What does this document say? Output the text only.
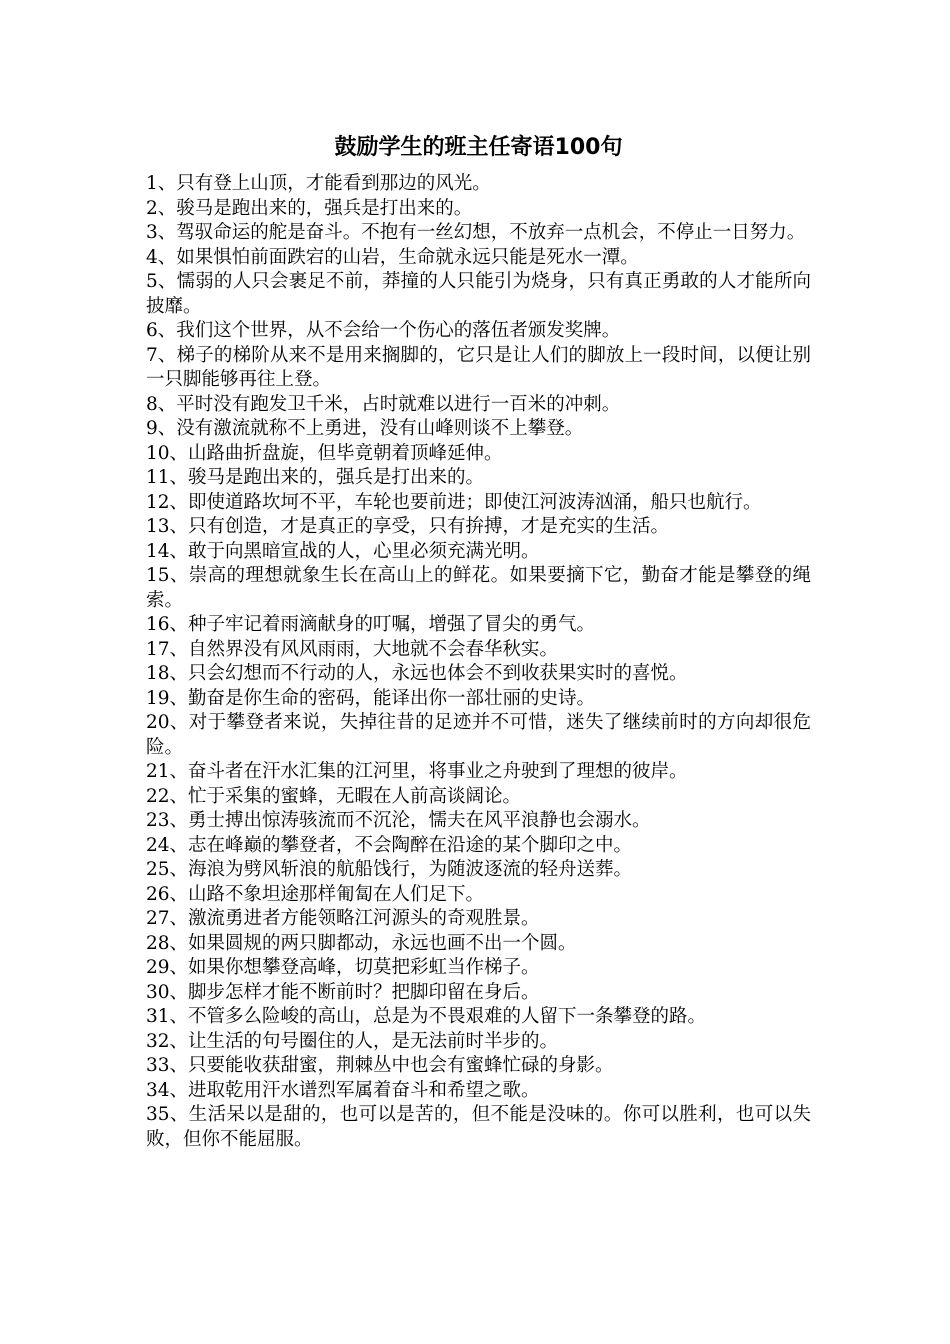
鼓励学生的班主任寄语100句
1、只有登上山顶，才能看到那边的风光。
2、骏马是跑出来的，强兵是打出来的。
3、驾驭命运的舵是奋斗。不抱有一丝幻想，不放弃一点机会，不停止一日努力。
4、如果惧怕前面跌宕的山岩，生命就永远只能是死水一潭。
5、懦弱的人只会裹足不前，莽撞的人只能引为烧身，只有真正勇敢的人才能所向披靡。
6、我们这个世界，从不会给一个伤心的落伍者颁发奖牌。
7、梯子的梯阶从来不是用来搁脚的，它只是让人们的脚放上一段时间，以便让别一只脚能够再往上登。
8、平时没有跑发卫千米，占时就难以进行一百米的冲刺。
9、没有激流就称不上勇进，没有山峰则谈不上攀登。
10、山路曲折盘旋，但毕竟朝着顶峰延伸。
11、骏马是跑出来的，强兵是打出来的。
12、即使道路坎坷不平，车轮也要前进；即使江河波涛汹涌，船只也航行。
13、只有创造，才是真正的享受，只有拚搏，才是充实的生活。
14、敢于向黑暗宣战的人，心里必须充满光明。
15、崇高的理想就象生长在高山上的鲜花。如果要摘下它，勤奋才能是攀登的绳索。
16、种子牢记着雨滴献身的叮嘱，增强了冒尖的勇气。
17、自然界没有风风雨雨，大地就不会春华秋实。
18、只会幻想而不行动的人，永远也体会不到收获果实时的喜悦。
19、勤奋是你生命的密码，能译出你一部壮丽的史诗。
20、对于攀登者来说，失掉往昔的足迹并不可惜，迷失了继续前时的方向却很危险。
21、奋斗者在汗水汇集的江河里，将事业之舟驶到了理想的彼岸。
22、忙于采集的蜜蜂，无暇在人前高谈阔论。
23、勇士搏出惊涛骇流而不沉沦，懦夫在风平浪静也会溺水。
24、志在峰巅的攀登者，不会陶醉在沿途的某个脚印之中。
25、海浪为劈风斩浪的航船饯行，为随波逐流的轻舟送葬。
26、山路不象坦途那样匍匐在人们足下。
27、激流勇进者方能领略江河源头的奇观胜景。
28、如果圆规的两只脚都动，永远也画不出一个圆。
29、如果你想攀登高峰，切莫把彩虹当作梯子。
30、脚步怎样才能不断前时？把脚印留在身后。
31、不管多么险峻的高山，总是为不畏艰难的人留下一条攀登的路。
32、让生活的句号圈住的人，是无法前时半步的。
33、只要能收获甜蜜，荆棘丛中也会有蜜蜂忙碌的身影。
34、进取乾用汗水谱烈军属着奋斗和希望之歌。
35、生活呆以是甜的，也可以是苦的，但不能是没味的。你可以胜利，也可以失败，但你不能屈服。
